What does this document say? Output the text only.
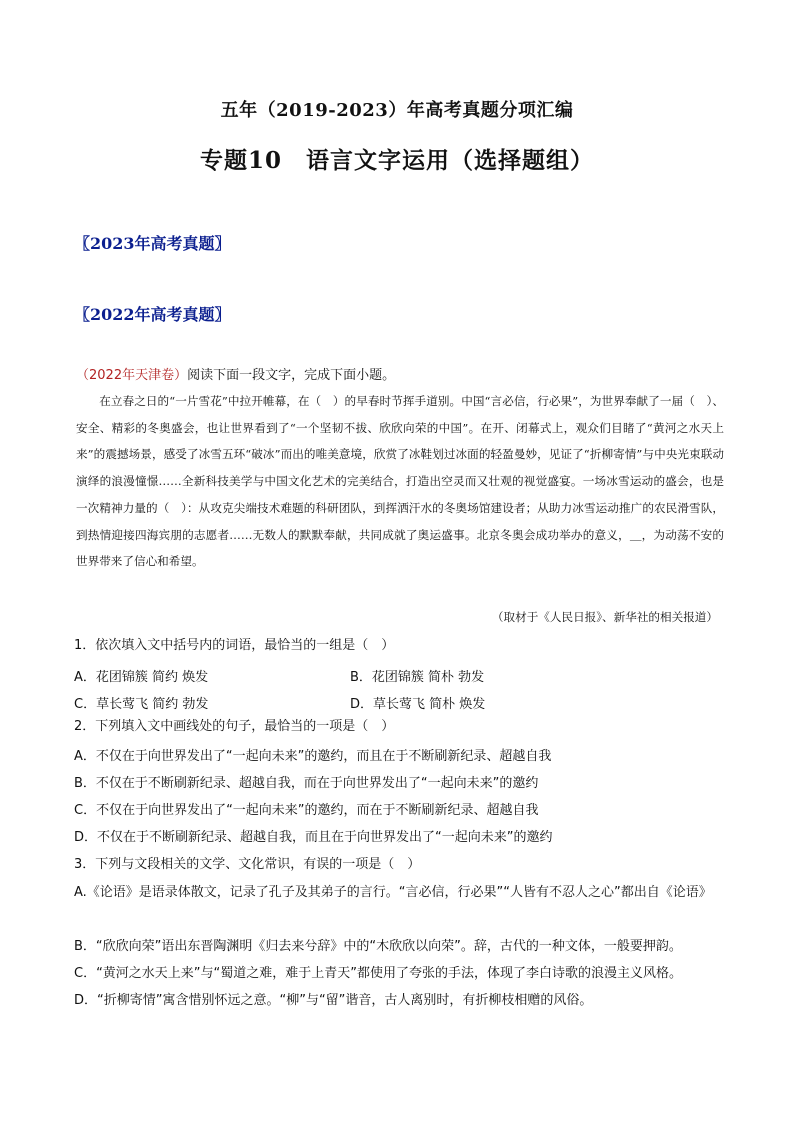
五年（2019-2023）年高考真题分项汇编
专题10　语言文字运用（选择题组）
〖2023年高考真题〗
〖2022年高考真题〗
（2022年天津卷）阅读下面一段文字，完成下面小题。

在立春之日的“一片雪花”中拉开帷幕，在（　）的早春时节挥手道别。中国“言必信，行必果”，为世界奉献了一届（　）、安全、精彩的冬奥盛会，也让世界看到了“一个坚韧不拔、欣欣向荣的中国”。在开、闭幕式上，观众们目睹了“黄河之水天上来”的震撼场景，感受了冰雪五环“破冰”而出的唯美意境，欣赏了冰鞋划过冰面的轻盈曼妙，见证了“折柳寄情”与中央光束联动演绎的浪漫憧憬……全新科技美学与中国文化艺术的完美结合，打造出空灵而又壮观的视觉盛宴。一场冰雪运动的盛会，也是一次精神力量的（　）：从攻克尖端技术难题的科研团队，到挥洒汗水的冬奥场馆建设者；从助力冰雪运动推广的农民滑雪队，到热情迎接四海宾朋的志愿者……无数人的默默奉献，共同成就了奥运盛事。北京冬奥会成功举办的意义，＿，为动荡不安的世界带来了信心和希望。

（取材于《人民日报》、新华社的相关报道）

1．依次填入文中括号内的词语，最恰当的一组是（　）

A．花团锦簇 简约 焕发	B．花团锦簇 简朴 勃发
C．草长莺飞 简约 勃发	D．草长莺飞 简朴 焕发

2．下列填入文中画线处的句子，最恰当的一项是（　）

A．不仅在于向世界发出了“一起向未来”的邀约，而且在于不断刷新纪录、超越自我

B．不仅在于不断刷新纪录、超越自我，而在于向世界发出了“一起向未来”的邀约

C．不仅在于向世界发出了“一起向未来”的邀约，而在于不断刷新纪录、超越自我

D．不仅在于不断刷新纪录、超越自我，而且在于向世界发出了“一起向未来”的邀约

3．下列与文段相关的文学、文化常识，有误的一项是（　）

A.《论语》是语录体散文，记录了孔子及其弟子的言行。“言必信，行必果”“人皆有不忍人之心”都出自《论语》

B．“欣欣向荣”语出东晋陶渊明《归去来兮辞》中的“木欣欣以向荣”。辞，古代的一种文体，一般要押韵。

C．“黄河之水天上来”与“蜀道之难，难于上青天”都使用了夸张的手法，体现了李白诗歌的浪漫主义风格。

D．“折柳寄情”寓含惜别怀远之意。“柳”与“留”谐音，古人离别时，有折柳枝相赠的风俗。
